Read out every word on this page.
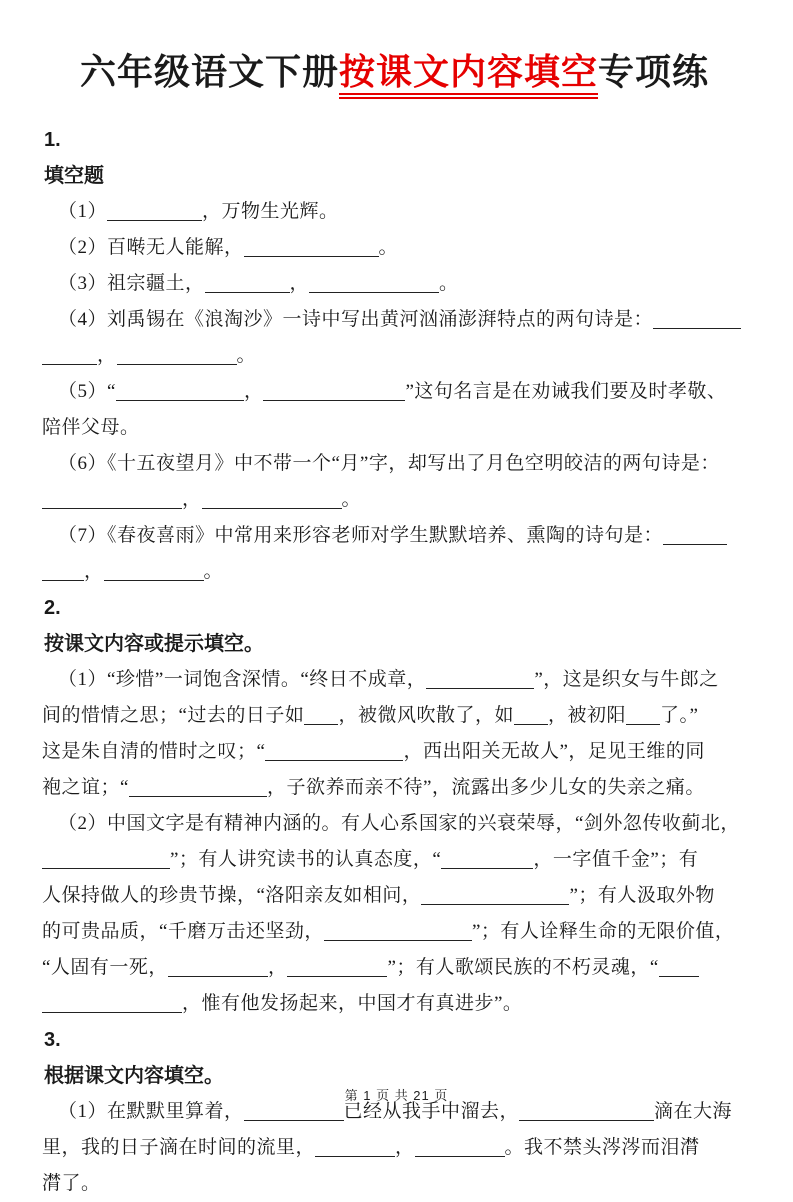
六年级语文下册按课文内容填空专项练
1.
填空题
（1）	，万物生光辉。
（2）百啭无人能解，	。
（3）祖宗疆土，	，	。
（4）刘禹锡在《浪淘沙》一诗中写出黄河汹涌澎湃特点的两句诗是：
，	。
（5）“	，	”这句名言是在劝诫我们要及时孝敬、
陪伴父母。
（6）《十五夜望月》中不带一个“月”字，却写出了月色空明皎洁的两句诗是：
，	。
（7）《春夜喜雨》中常用来形容老师对学生默默培养、熏陶的诗句是：
，	。
2.
按课文内容或提示填空。
（1）“珍惜”一词饱含深情。“终日不成章，	”，这是织女与牛郎之
间的惜情之思；“过去的日子如 ，被微风吹散了，如 ，被初阳 了。”
这是朱自清的惜时之叹；“	，西出阳关无故人”，足见王维的同
袍之谊；“	，子欲养而亲不待”，流露出多少儿女的失亲之痛。
（2）中国文字是有精神内涵的。有人心系国家的兴衰荣辱，“剑外忽传收蓟北，
”；有人讲究读书的认真态度，“	，一字值千金”；有
人保持做人的珍贵节操，“洛阳亲友如相问，	”；有人汲取外物
的可贵品质，“千磨万击还坚劲，	”；有人诠释生命的无限价值，
“人固有一死，	，	”；有人歌颂民族的不朽灵魂，“
，惟有他发扬起来，中国才有真进步”。
3.
根据课文内容填空。
（1）在默默里算着，	已经从我手中溜去，	滴在大海
里，我的日子滴在时间的流里，	，	。我不禁头涔涔而泪潸
潸了。
第 1 页 共 21 页
